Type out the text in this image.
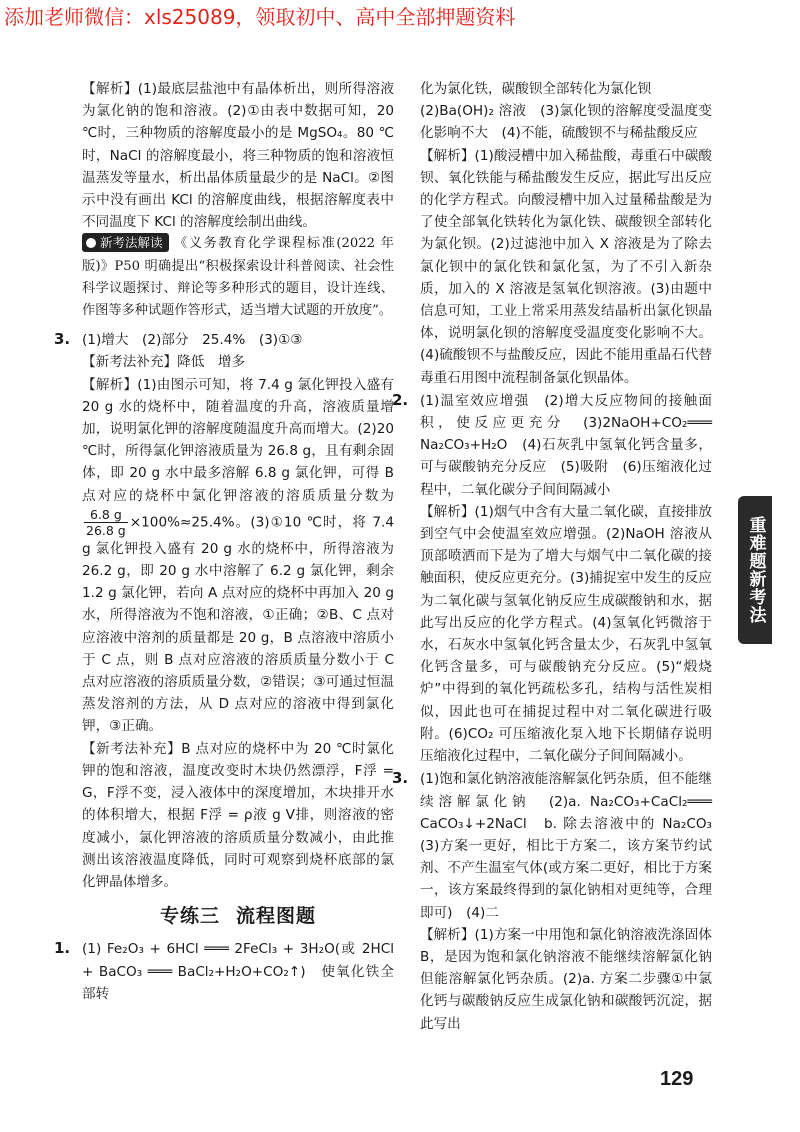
添加老师微信：xls25089，领取初中、高中全部押题资料

【解析】(1)最底层盐池中有晶体析出，则所得溶液为氯化钠的饱和溶液。(2)①由表中数据可知，20 ℃时，三种物质的溶解度最小的是 MgSO₄。80 ℃时，NaCl 的溶解度最小，将三种物质的饱和溶液恒温蒸发等量水，析出晶体质量最少的是 NaCl。②图示中没有画出 KCl 的溶解度曲线，根据溶解度表中不同温度下 KCl 的溶解度绘制出曲线。

新考法解读 《义务教育化学课程标准(2022 年版)》P50 明确提出“积极探索设计科普阅读、社会性科学议题探讨、辩论等多种形式的题目，设计连线、作图等多种试题作答形式，适当增大试题的开放度”。

3. (1)增大　(2)部分　25.4%　(3)①③

【新考法补充】降低　增多

【解析】(1)由图示可知，将 7.4 g 氯化钾投入盛有 20 g 水的烧杯中，随着温度的升高，溶液质量增加，说明氯化钾的溶解度随温度升高而增大。(2)20 ℃时，所得氯化钾溶液质量为 26.8 g，且有剩余固体，即 20 g 水中最多溶解 6.8 g 氯化钾，可得 B 点对应的烧杯中氯化钾溶液的溶质质量分数为
$\frac{6.8 g}{26.8 g} \times 100\%\approx 25.4\%$。(3)①10 ℃时，将 7.4 g 氯化钾投入盛有 20 g 水的烧杯中，所得溶液为 26.2 g，即 20 g 水中溶解了 6.2 g 氯化钾，剩余 1.2 g 氯化钾，若向 A 点对应的烧杯中再加入 20 g 水，所得溶液为不饱和溶液，①正确；②B、C 点对应溶液中溶剂的质量都是 20 g，B 点溶液中溶质小于 C 点，则 B 点对应溶液的溶质质量分数小于 C 点对应溶液的溶质质量分数，②错误；③可通过恒温蒸发溶剂的方法，从 D 点对应的溶液中得到氯化钾，③正确。

【新考法补充】B 点对应的烧杯中为 20 ℃时氯化钾的饱和溶液，温度改变时木块仍然漂浮，F浮 = G，F浮不变，浸入液体中的深度增加，木块排开水的体积增大，根据 F浮 = ρ液 g V排，则溶液的密度减小，氯化钾溶液的溶质质量分数减小，由此推测出该溶液温度降低，同时可观察到烧杯底部的氯化钾晶体增多。

专练三 流程图题

1. (1) Fe₂O₃ + 6HCl ═══ 2FeCl₃ + 3H₂O(或 2HCl + BaCO₃ ═══ BaCl₂+H₂O+CO₂↑)　使氧化铁全部转

化为氯化铁，碳酸钡全部转化为氯化钡

(2)Ba(OH)₂ 溶液　(3)氯化钡的溶解度受温度变化影响不大　(4)不能，硫酸钡不与稀盐酸反应

【解析】(1)酸浸槽中加入稀盐酸，毒重石中碳酸钡、氧化铁能与稀盐酸发生反应，据此写出反应的化学方程式。向酸浸槽中加入过量稀盐酸是为了使全部氧化铁转化为氯化铁、碳酸钡全部转化为氯化钡。(2)过滤池中加入 X 溶液是为了除去氯化钡中的氯化铁和氯化氢，为了不引入新杂质，加入的 X 溶液是氢氧化钡溶液。(3)由题中信息可知，工业上常采用蒸发结晶析出氯化钡晶体，说明氯化钡的溶解度受温度变化影响不大。(4)硫酸钡不与盐酸反应，因此不能用重晶石代替毒重石用图中流程制备氯化钡晶体。

2. (1)温室效应增强　(2)增大反应物间的接触面积，使反应更充分　(3)2NaOH+CO₂═══ Na₂CO₃+H₂O　(4)石灰乳中氢氧化钙含量多，可与碳酸钠充分反应　(5)吸附　(6)压缩液化过程中，二氧化碳分子间间隔减小

【解析】(1)烟气中含有大量二氧化碳，直接排放到空气中会使温室效应增强。(2)NaOH 溶液从顶部喷洒而下是为了增大与烟气中二氧化碳的接触面积，使反应更充分。(3)捕捉室中发生的反应为二氧化碳与氢氧化钠反应生成碳酸钠和水，据此写出反应的化学方程式。(4)氢氧化钙微溶于水，石灰水中氢氧化钙含量太少，石灰乳中氢氧化钙含量多，可与碳酸钠充分反应。(5)“煅烧炉”中得到的氧化钙疏松多孔，结构与活性炭相似，因此也可在捕捉过程中对二氧化碳进行吸附。(6)CO₂ 可压缩液化泵入地下长期储存说明压缩液化过程中，二氧化碳分子间间隔减小。

3. (1)饱和氯化钠溶液能溶解氯化钙杂质，但不能继续溶解氯化钠　(2)a. Na₂CO₃+CaCl₂═══ CaCO₃↓+2NaCl　b. 除去溶液中的 Na₂CO₃　(3)方案一更好，相比于方案二，该方案节约试剂、不产生温室气体(或方案二更好，相比于方案一，该方案最终得到的氯化钠相对更纯等，合理即可)　(4)二

【解析】(1)方案一中用饱和氯化钠溶液洗涤固体 B，是因为饱和氯化钠溶液不能继续溶解氯化钠但能溶解氯化钙杂质。(2)a. 方案二步骤①中氯化钙与碳酸钠反应生成氯化钠和碳酸钙沉淀，据此写出

重难题新考法
129
